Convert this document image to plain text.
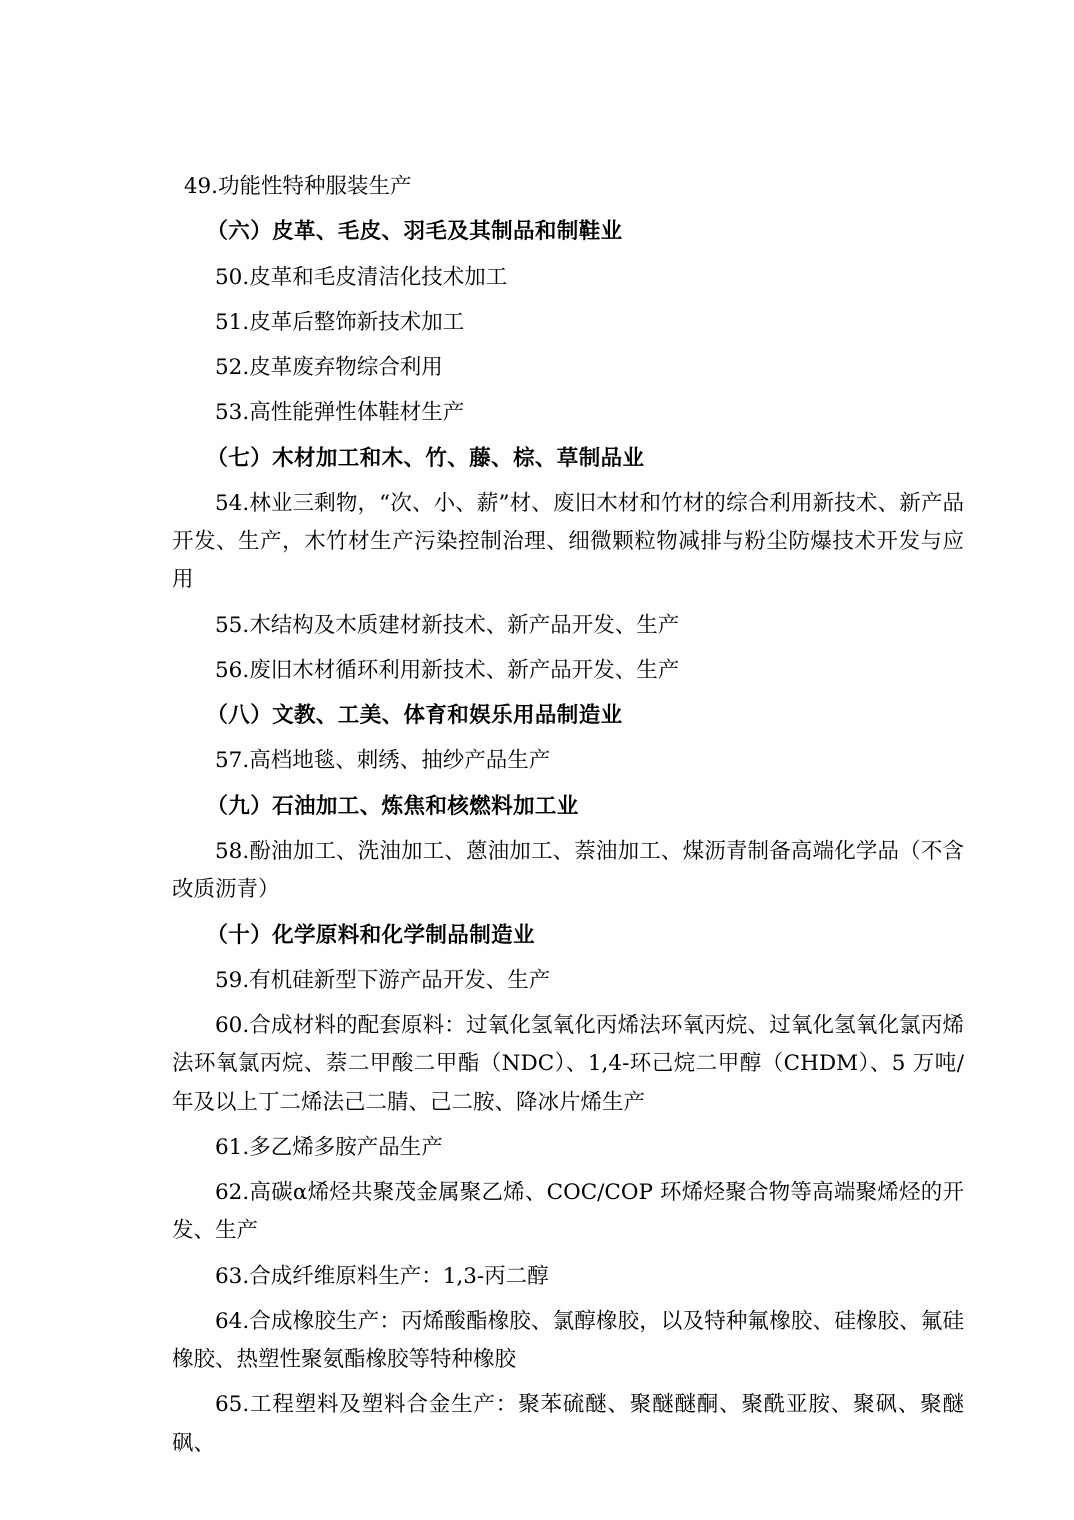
49.功能性特种服装生产

（六）皮革、毛皮、羽毛及其制品和制鞋业

50.皮革和毛皮清洁化技术加工

51.皮革后整饰新技术加工

52.皮革废弃物综合利用

53.高性能弹性体鞋材生产

（七）木材加工和木、竹、藤、棕、草制品业

54.林业三剩物，“次、小、薪”材、废旧木材和竹材的综合利用新技术、新产品开发、生产，木竹材生产污染控制治理、细微颗粒物减排与粉尘防爆技术开发与应用

55.木结构及木质建材新技术、新产品开发、生产

56.废旧木材循环利用新技术、新产品开发、生产

（八）文教、工美、体育和娱乐用品制造业

57.高档地毯、刺绣、抽纱产品生产

（九）石油加工、炼焦和核燃料加工业

58.酚油加工、洗油加工、蒽油加工、萘油加工、煤沥青制备高端化学品（不含改质沥青）

（十）化学原料和化学制品制造业

59.有机硅新型下游产品开发、生产

60.合成材料的配套原料：过氧化氢氧化丙烯法环氧丙烷、过氧化氢氧化氯丙烯法环氧氯丙烷、萘二甲酸二甲酯（NDC）、1,4-环己烷二甲醇（CHDM）、5 万吨/年及以上丁二烯法己二腈、己二胺、降冰片烯生产

61.多乙烯多胺产品生产

62.高碳α烯烃共聚茂金属聚乙烯、COC/COP 环烯烃聚合物等高端聚烯烃的开发、生产

63.合成纤维原料生产：1,3-丙二醇

64.合成橡胶生产：丙烯酸酯橡胶、氯醇橡胶，以及特种氟橡胶、硅橡胶、氟硅橡胶、热塑性聚氨酯橡胶等特种橡胶

65.工程塑料及塑料合金生产：聚苯硫醚、聚醚醚酮、聚酰亚胺、聚砜、聚醚砜、
